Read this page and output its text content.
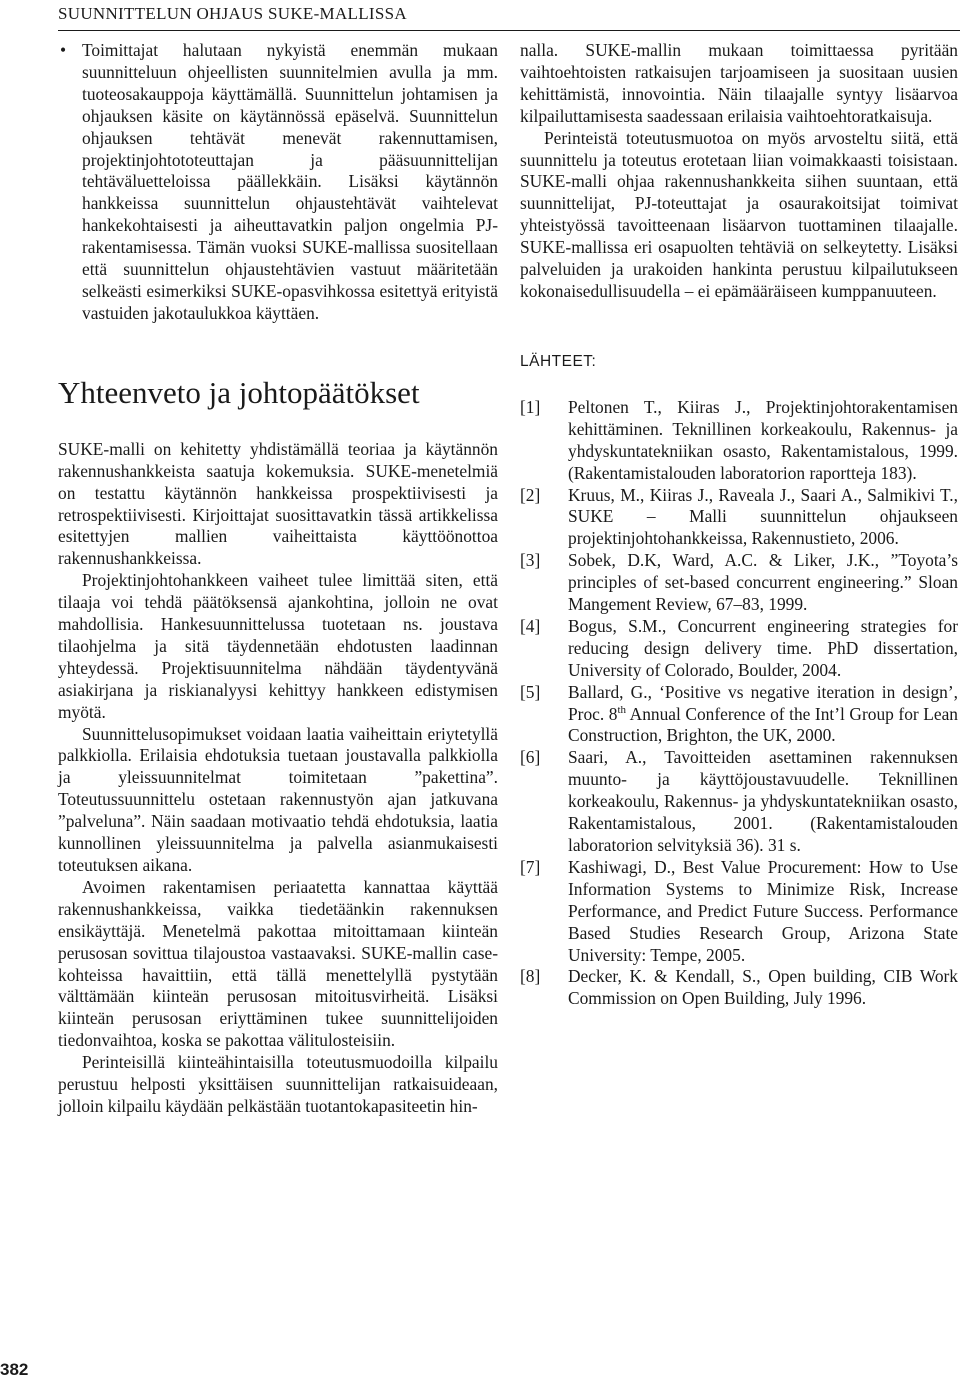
SUUNNITTELUN OHJAUS SUKE-MALLISSA

• Toimittajat halutaan nykyistä enemmän mukaan suunnitteluun ohjeellisten suunnitelmien avulla ja mm. tuoteosakauppoja käyttämällä. Suunnittelun johtamisen ja ohjauksen käsite on käytännössä epäselvä. Suunnittelun ohjauksen tehtävät menevät rakennuttamisen, projektinjohtototeuttajan ja pääsuunnittelijan tehtäväluetteloissa päällekkäin. Lisäksi käytännön hankkeissa suunnittelun ohjaustehtävät vaihtelevat hankekohtaisesti ja aiheuttavatkin paljon ongelmia PJ-rakentamisessa. Tämän vuoksi SUKE-mallissa suositellaan että suunnittelun ohjaustehtävien vastuut määritetään selkeästi esimerkiksi SUKE-opasvihkossa esitettyä erityistä vastuiden jakotaulukkoa käyttäen.

Yhteenveto ja johtopäätökset

SUKE-malli on kehitetty yhdistämällä teoriaa ja käytännön rakennushankkeista saatuja kokemuksia. SUKE-menetelmiä on testattu käytännön hankkeissa prospektiivisesti ja retrospektiivisesti. Kirjoittajat suosittavatkin tässä artikkelissa esitettyjen mallien vaiheittaista käyttöönottoa rakennushankkeissa.

Projektinjohtohankkeen vaiheet tulee limittää siten, että tilaaja voi tehdä päätöksensä ajankohtina, jolloin ne ovat mahdollisia. Hankesuunnittelussa tuotetaan ns. joustava tilaohjelma ja sitä täydennetään ehdotusten laadinnan yhteydessä. Projektisuunnitelma nähdään täydentyvänä asiakirjana ja riskianalyysi kehittyy hankkeen edistymisen myötä.

Suunnittelusopimukset voidaan laatia vaiheittain eriytetyllä palkkiolla. Erilaisia ehdotuksia tuetaan joustavalla palkkiolla ja yleissuunnitelmat toimitetaan ”pakettina”. Toteutussuunnittelu ostetaan rakennustyön ajan jatkuvana ”palveluna”. Näin saadaan motivaatio tehdä ehdotuksia, laatia kunnollinen yleissuunnitelma ja palvella asianmukaisesti toteutuksen aikana.

Avoimen rakentamisen periaatetta kannattaa käyttää rakennushankkeissa, vaikka tiedetäänkin rakennuksen ensikäyttäjä. Menetelmä pakottaa mitoittamaan kiinteän perusosan sovittua tilajoustoa vastaavaksi. SUKE-mallin case-kohteissa havaittiin, että tällä menettelyllä pystytään välttämään kiinteän perusosan mitoitusvirheitä. Lisäksi kiinteän perusosan eriyttäminen tukee suunnittelijoiden tiedonvaihtoa, koska se pakottaa välitulosteisiin.

Perinteisillä kiinteähintaisilla toteutusmuodoilla kilpailu perustuu helposti yksittäisen suunnittelijan ratkaisuideaan, jolloin kilpailu käydään pelkästään tuotantokapasiteetin hin-

nalla. SUKE-mallin mukaan toimittaessa pyritään vaihtoehtoisten ratkaisujen tarjoamiseen ja suositaan uusien kehittämistä, innovointia. Näin tilaajalle syntyy lisäarvoa kilpailuttamisesta saadessaan erilaisia vaihtoehtoratkaisuja.

Perinteistä toteutusmuotoa on myös arvosteltu siitä, että suunnittelu ja toteutus erotetaan liian voimakkaasti toisistaan. SUKE-malli ohjaa rakennushankkeita siihen suuntaan, että suunnittelijat, PJ-toteuttajat ja osaurakoitsijat toimivat yhteistyössä tavoitteenaan lisäarvon tuottaminen tilaajalle. SUKE-mallissa eri osapuolten tehtäviä on selkeytetty. Lisäksi palveluiden ja urakoiden hankinta perustuu kilpailutukseen kokonaisedullisuudella – ei epämääräiseen kumppanuuteen.

LÄHTEET:

[1] Peltonen T., Kiiras J., Projektinjohtorakentamisen kehittäminen. Teknillinen korkeakoulu, Rakennus- ja yhdyskuntatekniikan osasto, Rakentamistalous, 1999. (Rakentamistalouden laboratorion raportteja 183).

[2] Kruus, M., Kiiras J., Raveala J., Saari A., Salmikivi T., SUKE – Malli suunnittelun ohjaukseen projektinjohtohankkeissa, Rakennustieto, 2006.

[3] Sobek, D.K, Ward, A.C. & Liker, J.K., ”Toyota’s principles of set-based concurrent engineering.” Sloan Mangement Review, 67–83, 1999.

[4] Bogus, S.M., Concurrent engineering strategies for reducing design delivery time. PhD dissertation, University of Colorado, Boulder, 2004.

[5] Ballard, G., ‘Positive vs negative iteration in design’, Proc. 8th Annual Conference of the Int’l Group for Lean Construction, Brighton, the UK, 2000.

[6] Saari, A., Tavoitteiden asettaminen rakennuksen muunto- ja käyttöjoustavuudelle. Teknillinen korkeakoulu, Rakennus- ja yhdyskuntatekniikan osasto, Rakentamistalous, 2001. (Rakentamistalouden laboratorion selvityksiä 36). 31 s.

[7] Kashiwagi, D., Best Value Procurement: How to Use Information Systems to Minimize Risk, Increase Performance, and Predict Future Success. Performance Based Studies Research Group, Arizona State University: Tempe, 2005.

[8] Decker, K. & Kendall, S., Open building, CIB Work Commission on Open Building, July 1996.

382
